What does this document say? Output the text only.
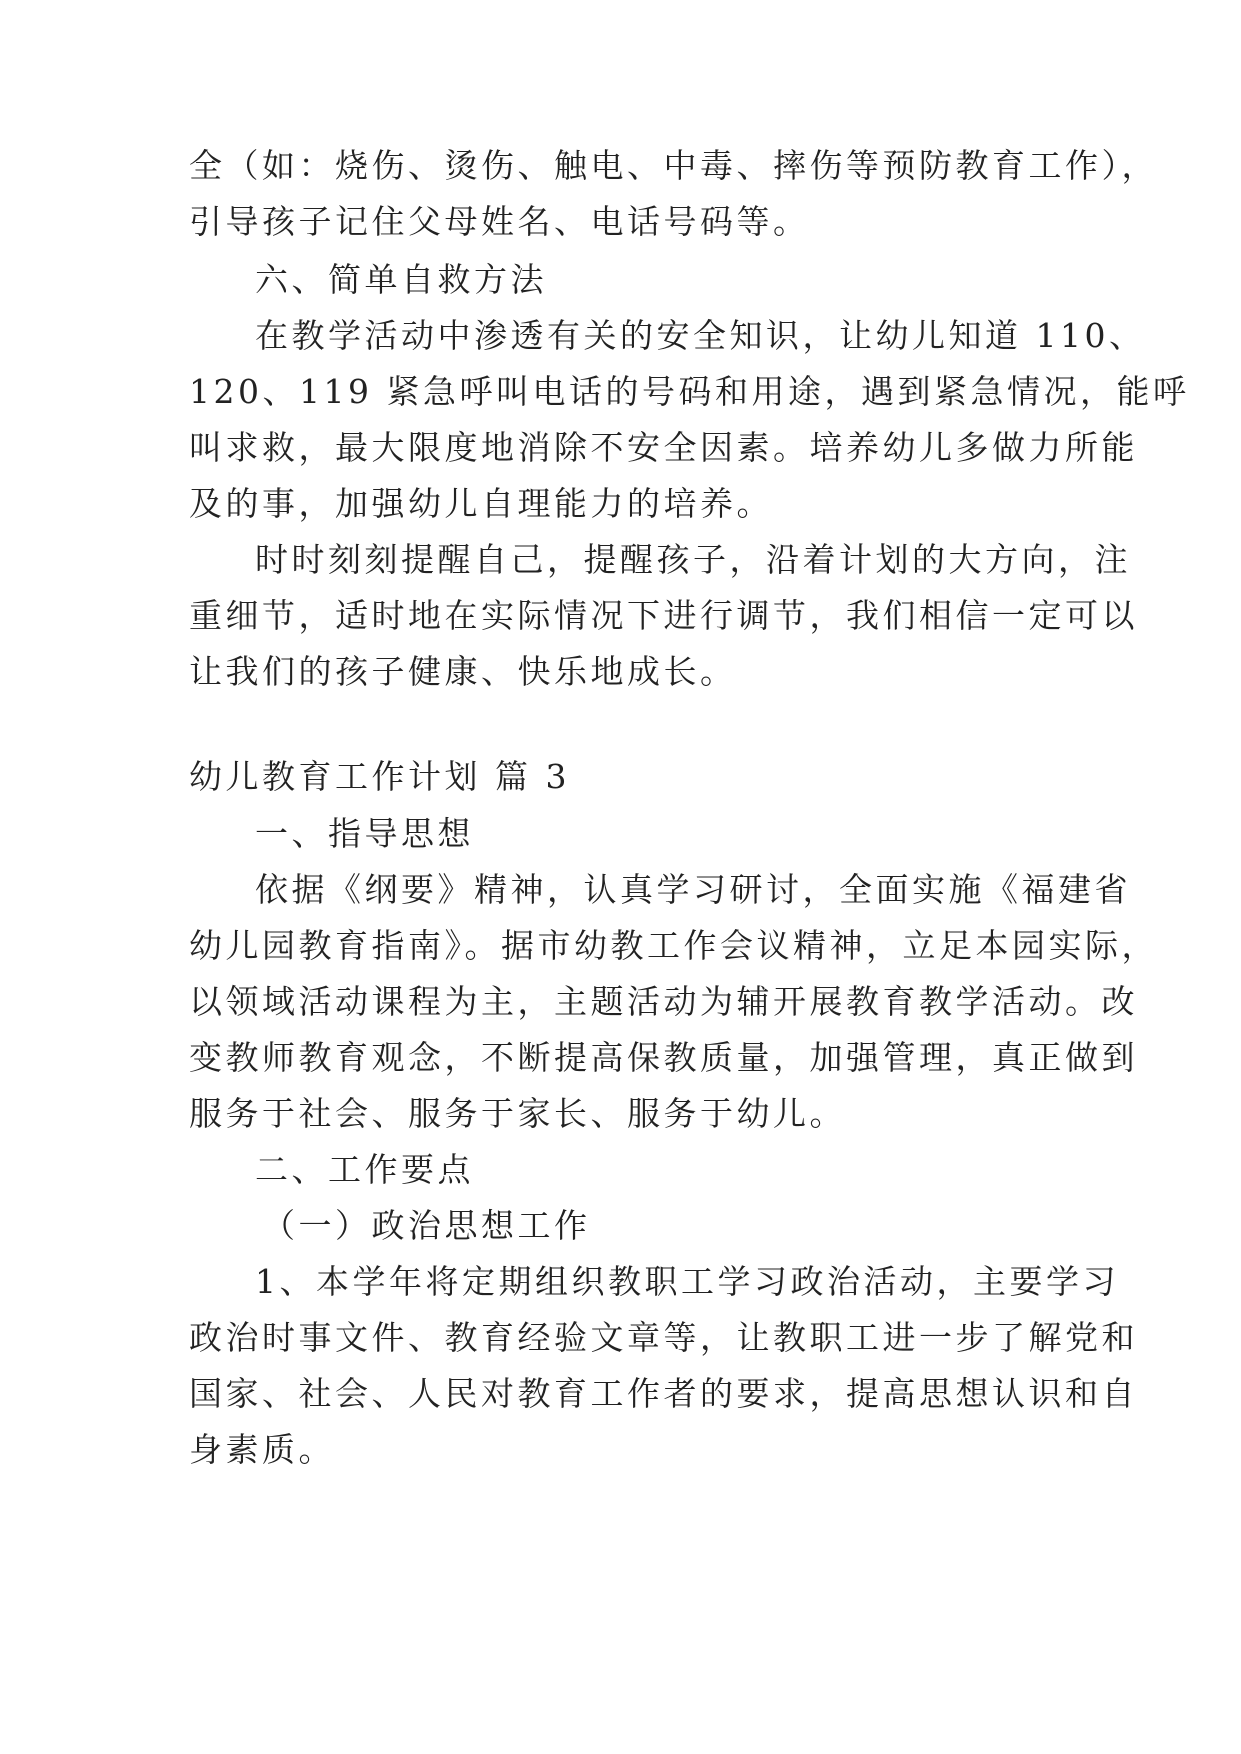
全（如：烧伤、烫伤、触电、中毒、摔伤等预防教育工作），
引导孩子记住父母姓名、电话号码等。
六、简单自救方法
在教学活动中渗透有关的安全知识，让幼儿知道 110、
120、119 紧急呼叫电话的号码和用途，遇到紧急情况，能呼
叫求救，最大限度地消除不安全因素。培养幼儿多做力所能
及的事，加强幼儿自理能力的培养。
时时刻刻提醒自己，提醒孩子，沿着计划的大方向，注
重细节，适时地在实际情况下进行调节，我们相信一定可以
让我们的孩子健康、快乐地成长。
幼儿教育工作计划 篇 3
一、指导思想
依据《纲要》精神，认真学习研讨，全面实施《福建省
幼儿园教育指南》。据市幼教工作会议精神，立足本园实际，
以领域活动课程为主，主题活动为辅开展教育教学活动。改
变教师教育观念，不断提高保教质量，加强管理，真正做到
服务于社会、服务于家长、服务于幼儿。
二、工作要点
（一）政治思想工作
1、本学年将定期组织教职工学习政治活动，主要学习
政治时事文件、教育经验文章等，让教职工进一步了解党和
国家、社会、人民对教育工作者的要求，提高思想认识和自
身素质。
